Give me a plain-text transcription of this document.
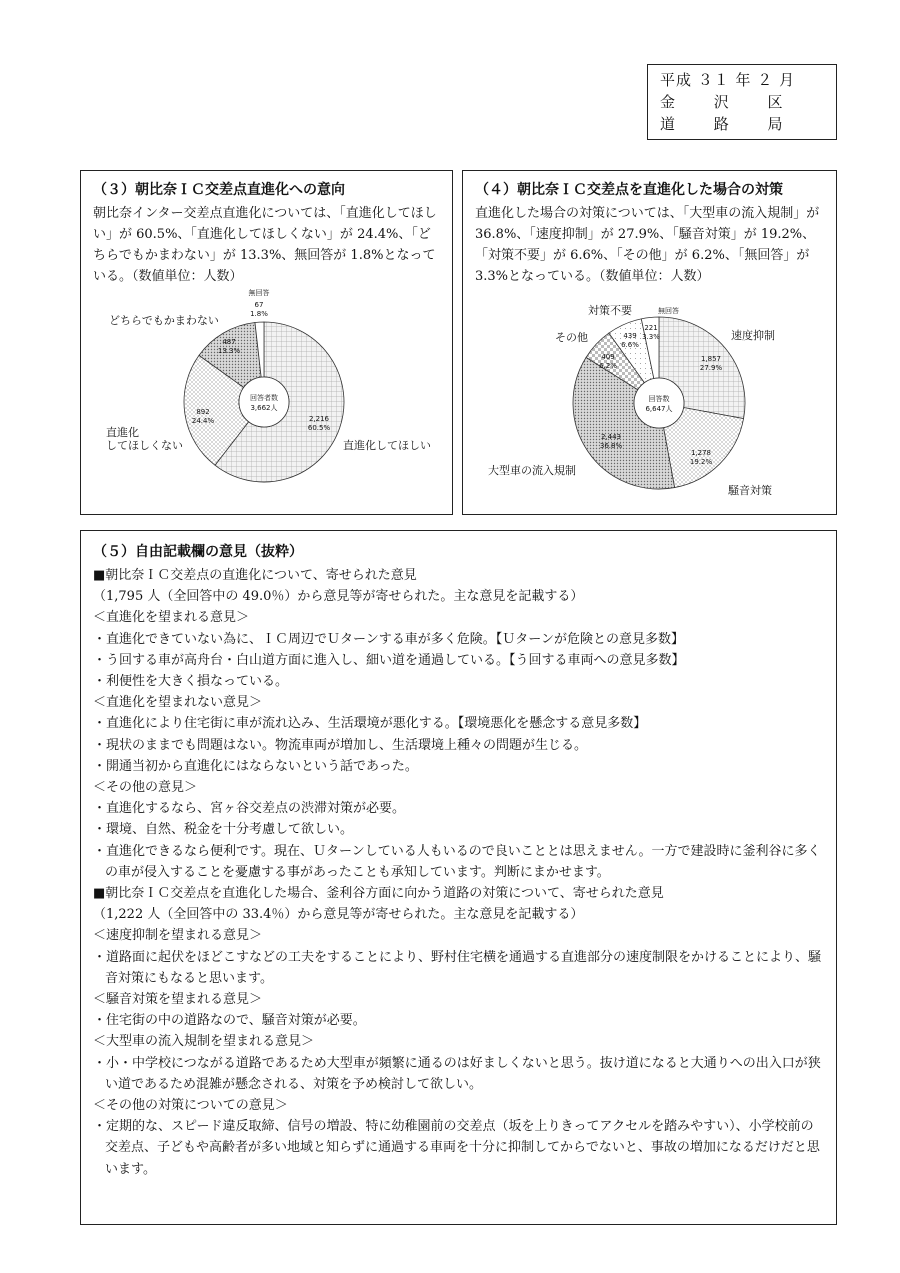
平成 ３１ 年 ２ 月
金　　 沢　　 区
道　　 路　　 局
（３）朝比奈ＩＣ交差点直進化への意向
朝比奈インター交差点直進化については、「直進化してほしい」が 60.5%、「直進化してほしくない」が 24.4%、「どちらでもかまわない」が 13.3%、無回答が 1.8%となっている。（数値単位：人数）
2,216
60.5%
直進化してほしい
892
24.4%
直進化
してほしくない
487
13.3%
どちらでもかまわない
67
1.8%
無回答
回答者数
3,662人
（４）朝比奈ＩＣ交差点を直進化した場合の対策
直進化した場合の対策については、「大型車の流入規制」が 36.8%、「速度抑制」が 27.9%、「騒音対策」が 19.2%、「対策不要」が 6.6%、「その他」が 6.2%、「無回答」が 3.3%となっている。（数値単位：人数）
1,857
27.9%
速度抑制
1,278
19.2%
騒音対策
2,443
36.8%
大型車の流入規制
409
6.2%
その他	439
6.6%
対策不要
221
3.3%
無回答
回答数
6,647人
（５）自由記載欄の意見（抜粋）
■朝比奈ＩＣ交差点の直進化について、寄せられた意見
（1,795 人（全回答中の 49.0％）から意見等が寄せられた。主な意見を記載する）
＜直進化を望まれる意見＞
・直進化できていない為に、ＩＣ周辺でＵターンする車が多く危険。【Ｕターンが危険との意見多数】
・う回する車が高舟台・白山道方面に進入し、細い道を通過している。【う回する車両への意見多数】
・利便性を大きく損なっている。
＜直進化を望まれない意見＞
・直進化により住宅街に車が流れ込み、生活環境が悪化する。【環境悪化を懸念する意見多数】
・現状のままでも問題はない。物流車両が増加し、生活環境上種々の問題が生じる。
・開通当初から直進化にはならないという話であった。
＜その他の意見＞
・直進化するなら、宮ヶ谷交差点の渋滞対策が必要。
・環境、自然、税金を十分考慮して欲しい。
・直進化できるなら便利です。現在、Ｕターンしている人もいるので良いこととは思えません。一方で建設時に釜利谷に多くの車が侵入することを憂慮する事があったことも承知しています。判断にまかせます。
■朝比奈ＩＣ交差点を直進化した場合、釜利谷方面に向かう道路の対策について、寄せられた意見
（1,222 人（全回答中の 33.4％）から意見等が寄せられた。主な意見を記載する）
＜速度抑制を望まれる意見＞
・道路面に起伏をほどこすなどの工夫をすることにより、野村住宅横を通過する直進部分の速度制限をかけることにより、騒音対策にもなると思います。
＜騒音対策を望まれる意見＞
・住宅街の中の道路なので、騒音対策が必要。
＜大型車の流入規制を望まれる意見＞
・小・中学校につながる道路であるため大型車が頻繁に通るのは好ましくないと思う。抜け道になると大通りへの出入口が狭い道であるため混雑が懸念される、対策を予め検討して欲しい。
＜その他の対策についての意見＞
・定期的な、スピード違反取締、信号の増設、特に幼稚園前の交差点（坂を上りきってアクセルを踏みやすい）、小学校前の交差点、子どもや高齢者が多い地域と知らずに通過する車両を十分に抑制してからでないと、事故の増加になるだけだと思います。
